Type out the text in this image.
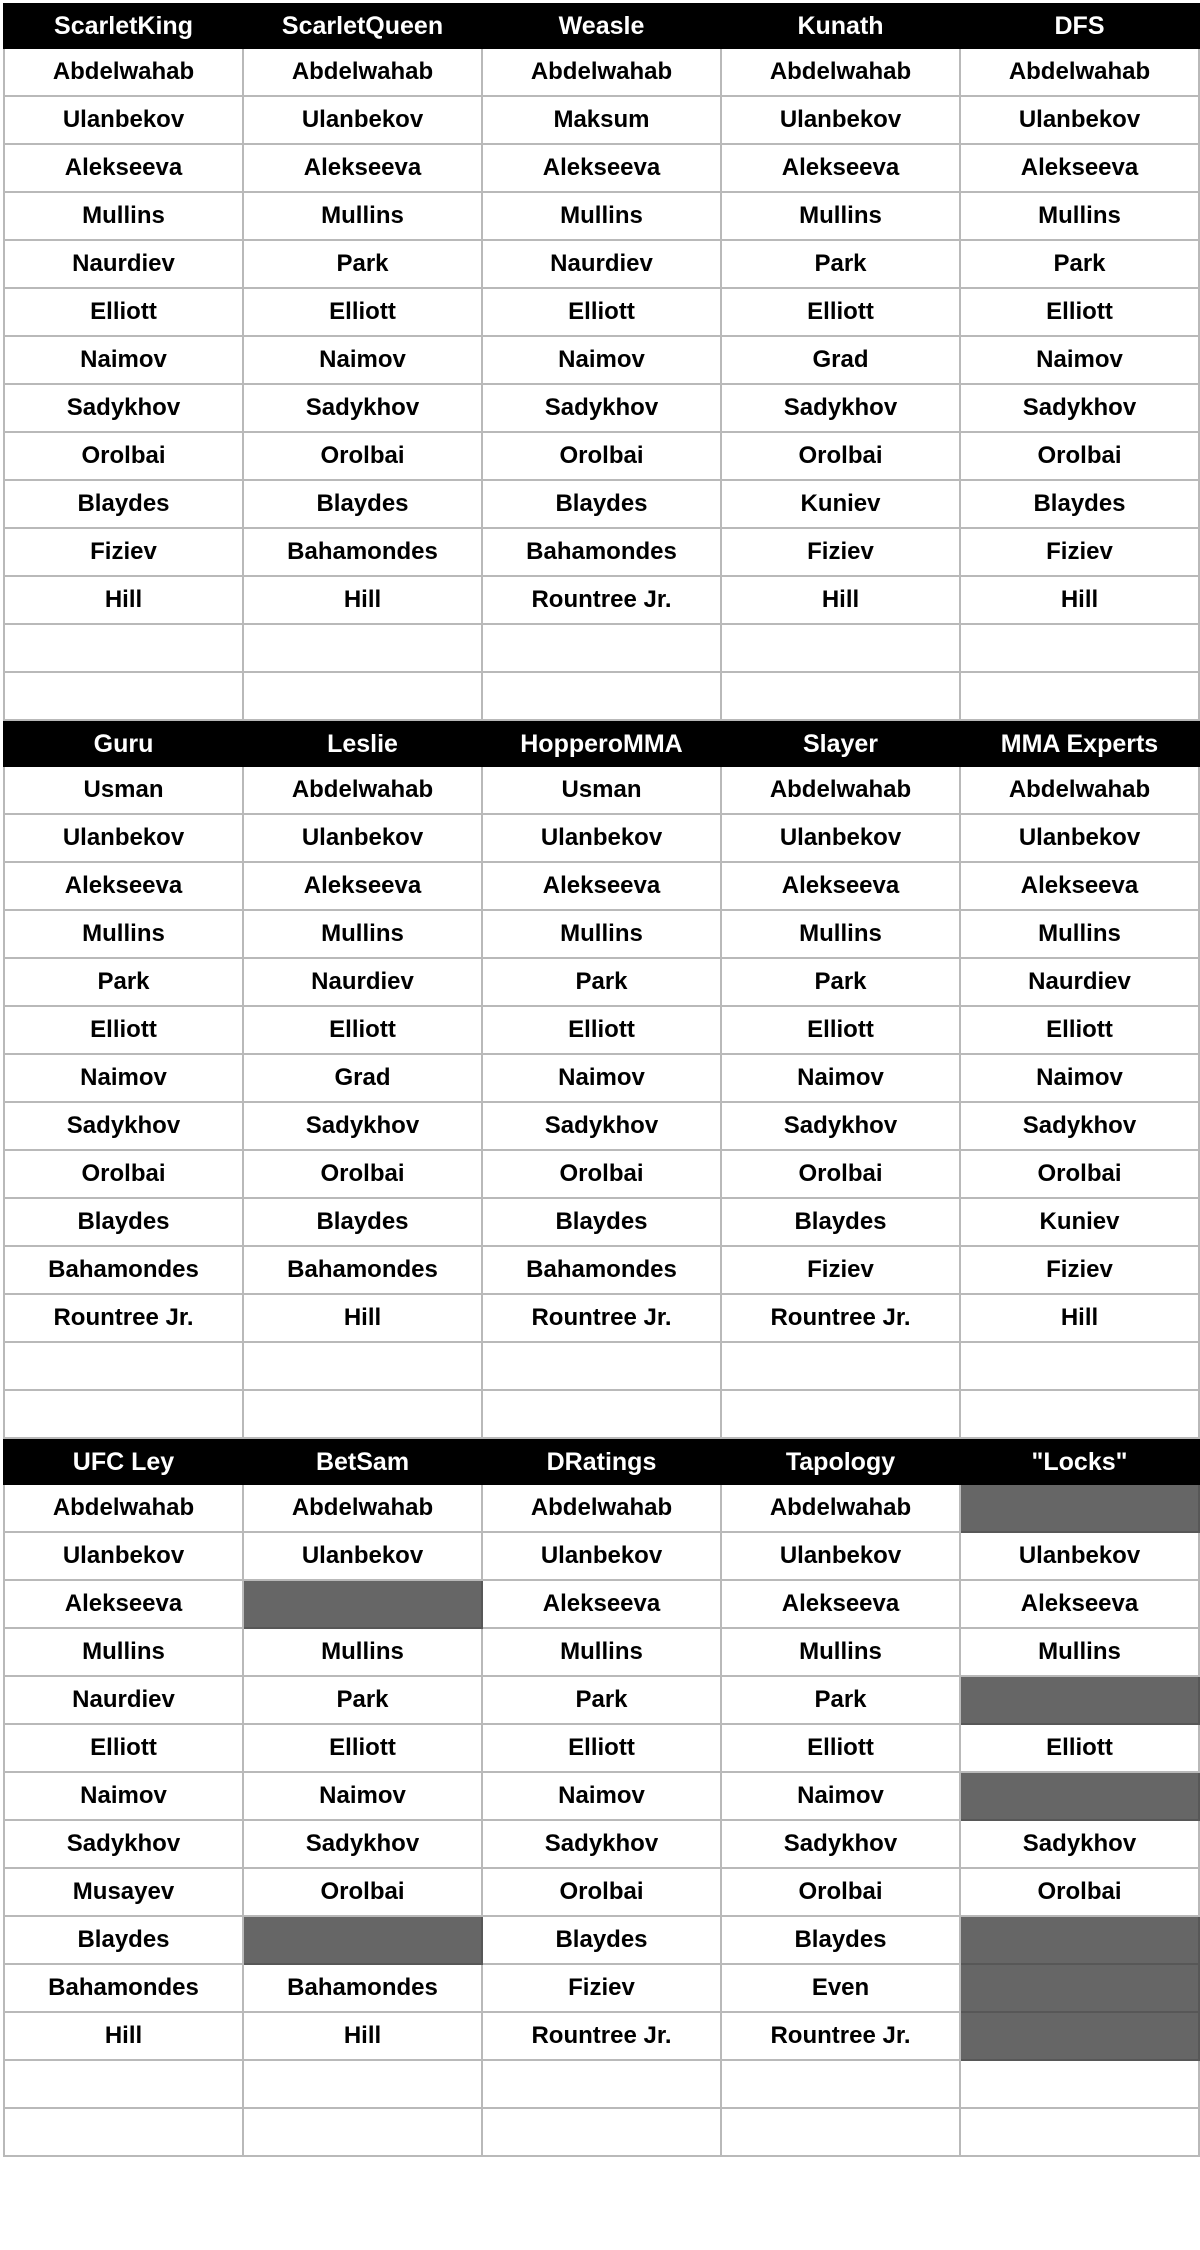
ScarletKing	ScarletQueen	Weasle	Kunath	DFS
Abdelwahab	Abdelwahab	Abdelwahab	Abdelwahab	Abdelwahab
Ulanbekov	Ulanbekov	Maksum	Ulanbekov	Ulanbekov
Alekseeva	Alekseeva	Alekseeva	Alekseeva	Alekseeva
Mullins	Mullins	Mullins	Mullins	Mullins
Naurdiev	Park	Naurdiev	Park	Park
Elliott	Elliott	Elliott	Elliott	Elliott
Naimov	Naimov	Naimov	Grad	Naimov
Sadykhov	Sadykhov	Sadykhov	Sadykhov	Sadykhov
Orolbai	Orolbai	Orolbai	Orolbai	Orolbai
Blaydes	Blaydes	Blaydes	Kuniev	Blaydes
Fiziev	Bahamondes	Bahamondes	Fiziev	Fiziev
Hill	Hill	Rountree Jr.	Hill	Hill

Guru	Leslie	HopperoMMA	Slayer	MMA Experts
Usman	Abdelwahab	Usman	Abdelwahab	Abdelwahab
Ulanbekov	Ulanbekov	Ulanbekov	Ulanbekov	Ulanbekov
Alekseeva	Alekseeva	Alekseeva	Alekseeva	Alekseeva
Mullins	Mullins	Mullins	Mullins	Mullins
Park	Naurdiev	Park	Park	Naurdiev
Elliott	Elliott	Elliott	Elliott	Elliott
Naimov	Grad	Naimov	Naimov	Naimov
Sadykhov	Sadykhov	Sadykhov	Sadykhov	Sadykhov
Orolbai	Orolbai	Orolbai	Orolbai	Orolbai
Blaydes	Blaydes	Blaydes	Blaydes	Kuniev
Bahamondes	Bahamondes	Bahamondes	Fiziev	Fiziev
Rountree Jr.	Hill	Rountree Jr.	Rountree Jr.	Hill

UFC Ley	BetSam	DRatings	Tapology	"Locks"
Abdelwahab	Abdelwahab	Abdelwahab	Abdelwahab	
Ulanbekov	Ulanbekov	Ulanbekov	Ulanbekov	Ulanbekov
Alekseeva		Alekseeva	Alekseeva	Alekseeva
Mullins	Mullins	Mullins	Mullins	Mullins
Naurdiev	Park	Park	Park	
Elliott	Elliott	Elliott	Elliott	Elliott
Naimov	Naimov	Naimov	Naimov	
Sadykhov	Sadykhov	Sadykhov	Sadykhov	Sadykhov
Musayev	Orolbai	Orolbai	Orolbai	Orolbai
Blaydes		Blaydes	Blaydes	
Bahamondes	Bahamondes	Fiziev	Even	
Hill	Hill	Rountree Jr.	Rountree Jr.	
